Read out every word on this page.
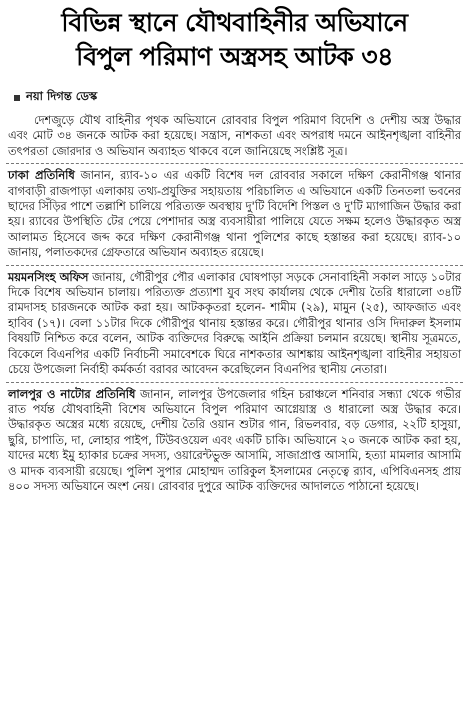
বিভিন্ন স্থানে যৌথবাহিনীর অভিযানে
বিপুল পরিমাণ অস্ত্রসহ আটক ৩৪
নয়া দিগন্ত ডেস্ক

দেশজুড়ে যৌথ বাহিনীর পৃথক অভিযানে রোববার বিপুল পরিমাণ বিদেশি ও দেশীয় অস্ত্র উদ্ধার এবং মোট ৩৪ জনকে আটক করা হয়েছে। সন্ত্রাস, নাশকতা এবং অপরাধ দমনে আইনশৃঙ্খলা বাহিনীর তৎপরতা জোরদার ও অভিযান অব্যাহত থাকবে বলে জানিয়েছে সংশ্লিষ্ট সূত্র।

ঢাকা প্রতিনিধি জানান, র‌্যাব-১০ এর একটি বিশেষ দল রোববার সকালে দক্ষিণ কেরানীগঞ্জ থানার বাগবাড়ী রাজপাড়া এলাকায় তথ্য-প্রযুক্তির সহায়তায় পরিচালিত এ অভিযানে একটি তিনতলা ভবনের ছাদের সিঁড়ির পাশে তল্লাশি চালিয়ে পরিত্যক্ত অবস্থায় দু'টি বিদেশি পিস্তল ও দু'টি ম্যাগাজিন উদ্ধার করা হয়। র‌্যাবের উপস্থিতি টের পেয়ে পেশাদার অস্ত্র ব্যবসায়ীরা পালিয়ে যেতে সক্ষম হলেও উদ্ধারকৃত অস্ত্র আলামত হিসেবে জব্দ করে দক্ষিণ কেরানীগঞ্জ থানা পুলিশের কাছে হস্তান্তর করা হয়েছে। র‌্যাব-১০ জানায়, পলাতকদের গ্রেফতারে অভিযান অব্যাহত রয়েছে।

ময়মনসিংহ অফিস জানায়, গৌরীপুর পৌর এলাকার ঘোষপাড়া সড়কে সেনাবাহিনী সকাল সাড়ে ১০টার দিকে বিশেষ অভিযান চালায়। পরিত্যক্ত প্রত্যাশা যুব সংঘ কার্যালয় থেকে দেশীয় তৈরি ধারালো ৩৪টি রামদাসহ চারজনকে আটক করা হয়। আটককৃতরা হলেন- শামীম (২৯), মামুন (২৫), আফজাত এবং হাবিব (১৭)। বেলা ১১টার দিকে গৌরীপুর থানায় হস্তান্তর করে। গৌরীপুর থানার ওসি দিদারুল ইসলাম বিষয়টি নিশ্চিত করে বলেন, আটক ব্যক্তিদের বিরুদ্ধে আইনি প্রক্রিয়া চলমান রয়েছে। স্থানীয় সূত্রমতে, বিকেলে বিএনপির একটি নির্বাচনী সমাবেশকে ঘিরে নাশকতার আশঙ্কায় আইনশৃঙ্খলা বাহিনীর সহায়তা চেয়ে উপজেলা নির্বাহী কর্মকর্তা বরাবর আবেদন করেছিলেন বিএনপির স্থানীয় নেতারা।

লালপুর ও নাটোর প্রতিনিধি জানান, লালপুর উপজেলার গহিন চরাঞ্চলে শনিবার সন্ধ্যা থেকে গভীর রাত পর্যন্ত যৌথবাহিনী বিশেষ অভিযানে বিপুল পরিমাণ আগ্নেয়াস্ত্র ও ধারালো অস্ত্র উদ্ধার করে। উদ্ধারকৃত অস্ত্রের মধ্যে রয়েছে, দেশীয় তৈরি ওয়ান শুটার গান, রিভলবার, বড় ডেগার, ২২টি হাসুয়া, ছুরি, চাপাতি, দা, লোহার পাইপ, টিউবওয়েল এবং একটি চাকি। অভিযানে ২০ জনকে আটক করা হয়, যাদের মধ্যে ইমু হ্যাকার চক্রের সদস্য, ওয়ারেন্টভুক্ত আসামি, সাজাপ্রাপ্ত আসামি, হত্যা মামলার আসামি ও মাদক ব্যবসায়ী রয়েছে। পুলিশ সুপার মোহাম্মদ তারিকুল ইসলামের নেতৃত্বে র‌্যাব, এপিবিএনসহ প্রায় ৪০০ সদস্য অভিযানে অংশ নেয়। রোববার দুপুরে আটক ব্যক্তিদের আদালতে পাঠানো হয়েছে।
